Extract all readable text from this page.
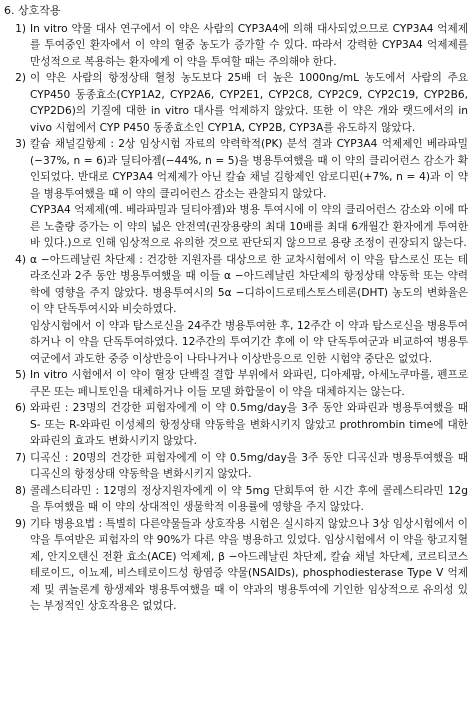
6. 상호작용
1) In vitro 약물 대사 연구에서 이 약은 사람의 CYP3A4에 의해 대사되었으므로 CYP3A4 억제제를 투여중인 환자에서 이 약의 혈중 농도가 증가할 수 있다. 따라서 강력한 CYP3A4 억제제를 만성적으로 복용하는 환자에게 이 약을 투여할 때는 주의해야 한다.

2) 이 약은 사람의 항정상태 혈청 농도보다 25배 더 높은 1000ng/mL 농도에서 사람의 주요 CYP450 동종효소(CYP1A2, CYP2A6, CYP2E1, CYP2C8, CYP2C9, CYP2C19, CYP2B6, CYP2D6)의 기질에 대한 in vitro 대사를 억제하지 않았다. 또한 이 약은 개와 랫드에서의 in vivo 시험에서 CYP P450 동종효소인 CYP1A, CYP2B, CYP3A를 유도하지 않았다.

3) 칼슘 채널길항제 : 2상 임상시험 자료의 약력학적(PK) 분석 결과 CYP3A4 억제제인 베라파밀(−37%, n = 6)과 딜티아젬(−44%, n = 5)을 병용투여했을 때 이 약의 클리어런스 감소가 확인되었다. 반대로 CYP3A4 억제제가 아닌 칼슘 채널 길항제인 암로디핀(+7%, n = 4)과 이 약을 병용투여했을 때 이 약의 클리어런스 감소는 관찰되지 않았다.

CYP3A4 억제제(예. 베라파밀과 딜티아젬)와 병용 투여시에 이 약의 클리어런스 감소와 이에 따른 노출량 증가는 이 약의 넓은 안전역(권장용량의 최대 10배를 최대 6개월간 환자에게 투여한 바 있다.)으로 인해 임상적으로 유의한 것으로 판단되지 않으므로 용량 조정이 권장되지 않는다.

4) α −아드레날린 차단제 : 건강한 지원자를 대상으로 한 교차시험에서 이 약을 탐스로신 또는 테라조신과 2주 동안 병용투여했을 때 이들 α −아드레날린 차단제의 항정상태 약동학 또는 약력학에 영향을 주지 않았다. 병용투여시의 5α −디하이드로테스토스테론(DHT) 농도의 변화율은 이 약 단독투여시와 비슷하였다.

임상시험에서 이 약과 탐스로신을 24주간 병용투여한 후, 12주간 이 약과 탐스로신을 병용투여하거나 이 약을 단독투여하였다. 12주간의 투여기간 후에 이 약 단독투여군과 비교하여 병용투여군에서 과도한 중증 이상반응이 나타나거나 이상반응으로 인한 시험약 중단은 없었다.

5) In vitro 시험에서 이 약이 혈장 단백질 결합 부위에서 와파린, 디아제팜, 아세노쿠마롤, 펜프로쿠몬 또는 페니토인을 대체하거나 이들 모델 화합물이 이 약을 대체하지는 않는다.

6) 와파린 : 23명의 건강한 피험자에게 이 약 0.5mg/day을 3주 동안 와파린과 병용투여했을 때 S- 또는 R-와파린 이성체의 항정상태 약동학을 변화시키지 않았고 prothrombin time에 대한 와파린의 효과도 변화시키지 않았다.

7) 디곡신 : 20명의 건강한 피험자에게 이 약 0.5mg/day을 3주 동안 디곡신과 병용투여했을 때 디곡신의 항정상태 약동학을 변화시키지 않았다.

8) 콜레스티라민 : 12명의 정상지원자에게 이 약 5mg 단회투여 한 시간 후에 콜레스티라민 12g을 투여했을 때 이 약의 상대적인 생물학적 이용률에 영향을 주지 않았다.

9) 기타 병용요법 : 특별히 다른약물들과 상호작용 시험은 실시하지 않았으나 3상 임상시험에서 이 약을 투여받은 피험자의 약 90%가 다른 약을 병용하고 있었다. 임상시험에서 이 약을 항고지혈제, 안지오텐신 전환 효소(ACE) 억제제, β −아드레날린 차단제, 칼슘 채널 차단제, 코르티코스테로이드, 이뇨제, 비스테로이드성 항염증 약물(NSAIDs), phosphodiesterase Type V 억제제 및 퀴놀론계 항생제와 병용투여했을 때 이 약과의 병용투여에 기인한 임상적으로 유의성 있는 부정적인 상호작용은 없었다.
